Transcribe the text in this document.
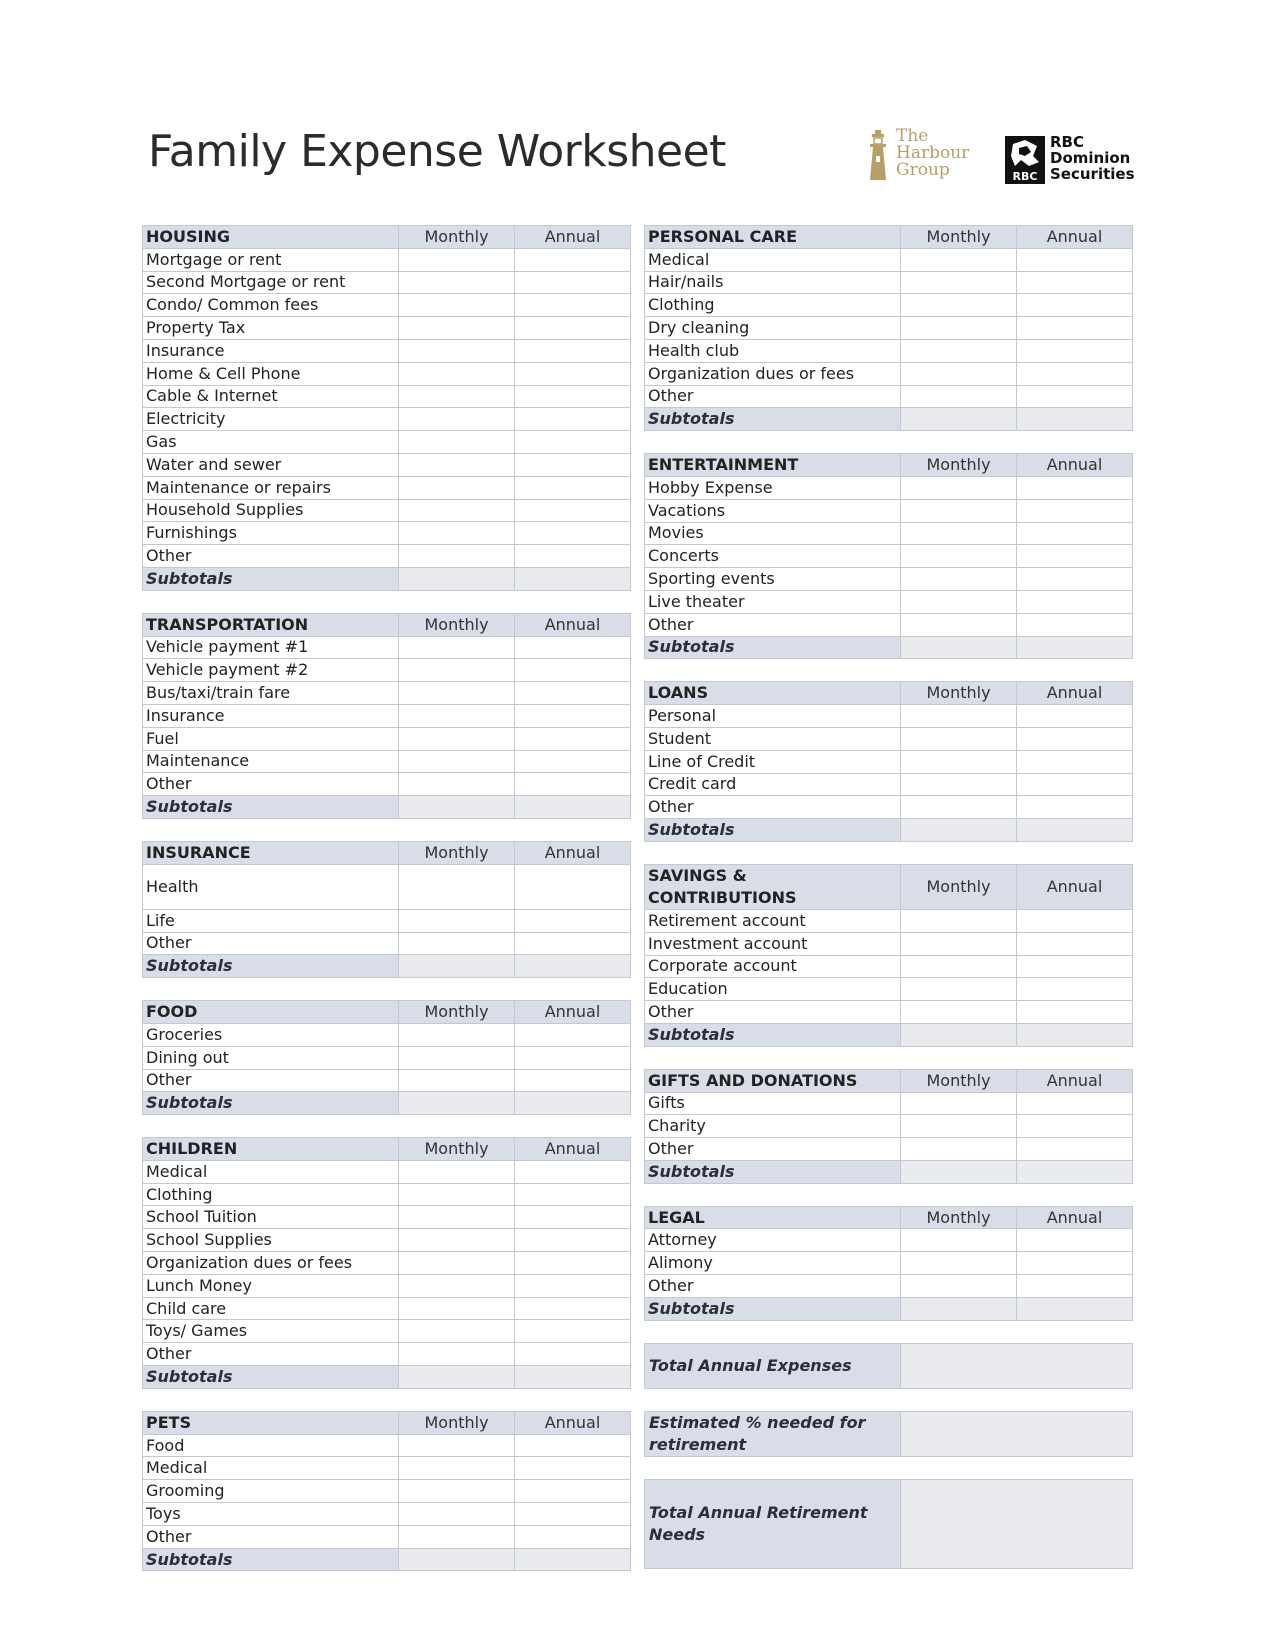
Family Expense Worksheet	The
Harbour
Group	RBC
RBC
Dominion
Securities
HOUSING	Monthly	Annual
Mortgage or rent		
Second Mortgage or rent		
Condo/ Common fees		
Property Tax		
Insurance		
Home & Cell Phone		
Cable & Internet		
Electricity		
Gas		
Water and sewer		
Maintenance or repairs		
Household Supplies		
Furnishings		
Other		
Subtotals		
TRANSPORTATION	Monthly	Annual
Vehicle payment #1		
Vehicle payment #2		
Bus/taxi/train fare		
Insurance		
Fuel		
Maintenance		
Other		
Subtotals		
INSURANCE	Monthly	Annual
Health		
Life		
Other		
Subtotals		
FOOD	Monthly	Annual
Groceries		
Dining out		
Other		
Subtotals		
CHILDREN	Monthly	Annual
Medical		
Clothing		
School Tuition		
School Supplies		
Organization dues or fees		
Lunch Money		
Child care		
Toys/ Games		
Other		
Subtotals		
PETS	Monthly	Annual
Food		
Medical		
Grooming		
Toys		
Other		
Subtotals		
PERSONAL CARE	Monthly	Annual
Medical		
Hair/nails		
Clothing		
Dry cleaning		
Health club		
Organization dues or fees		
Other		
Subtotals		
ENTERTAINMENT	Monthly	Annual
Hobby Expense		
Vacations		
Movies		
Concerts		
Sporting events		
Live theater		
Other		
Subtotals		
LOANS	Monthly	Annual
Personal		
Student		
Line of Credit		
Credit card		
Other		
Subtotals		
SAVINGS & CONTRIBUTIONS	Monthly	Annual
Retirement account		
Investment account		
Corporate account		
Education		
Other		
Subtotals		
GIFTS AND DONATIONS	Monthly	Annual
Gifts		
Charity		
Other		
Subtotals		
LEGAL	Monthly	Annual
Attorney		
Alimony		
Other		
Subtotals		
Total Annual Expenses	
Estimated % needed for retirement	
Total Annual Retirement Needs	
